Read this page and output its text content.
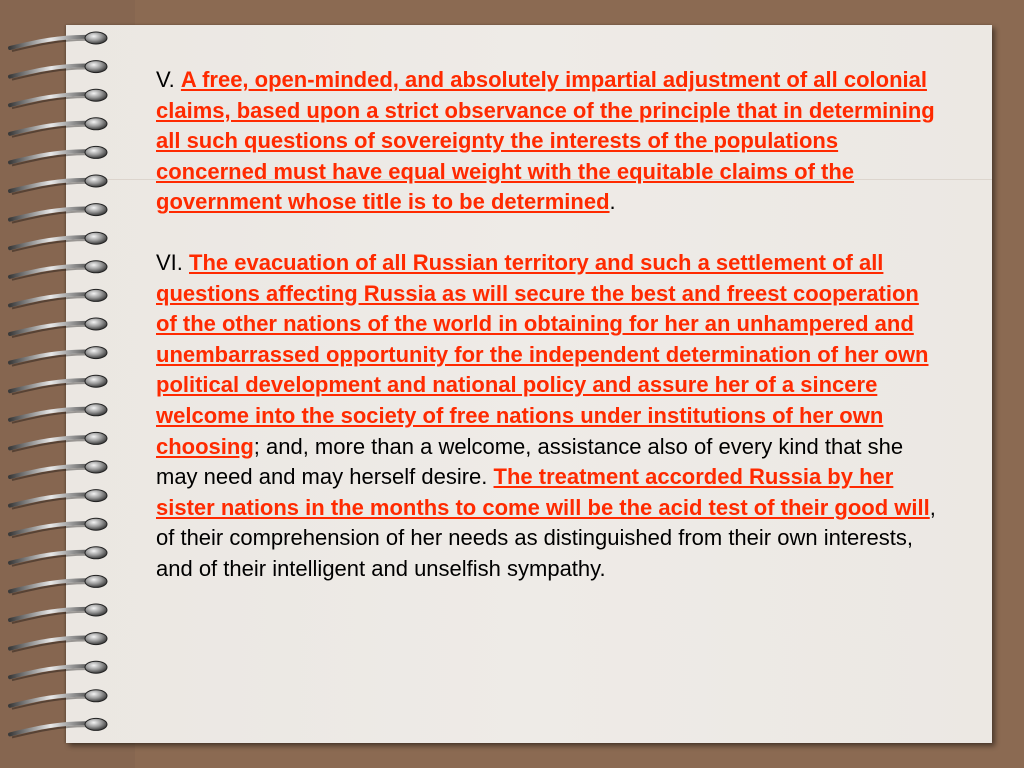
V. A free, open-minded, and absolutely impartial adjustment of all colonial claims, based upon a strict observance of the principle that in determining all such questions of sovereignty the interests of the populations concerned must have equal weight with the equitable claims of the government whose title is to be determined.

VI. The evacuation of all Russian territory and such a settlement of all questions affecting Russia as will secure the best and freest cooperation of the other nations of the world in obtaining for her an unhampered and unembarrassed opportunity for the independent determination of her own political development and national policy and assure her of a sincere welcome into the society of free nations under institutions of her own choosing; and, more than a welcome, assistance also of every kind that she may need and may herself desire. The treatment accorded Russia by her sister nations in the months to come will be the acid test of their good will, of their comprehension of her needs as distinguished from their own interests, and of their intelligent and unselfish sympathy.
